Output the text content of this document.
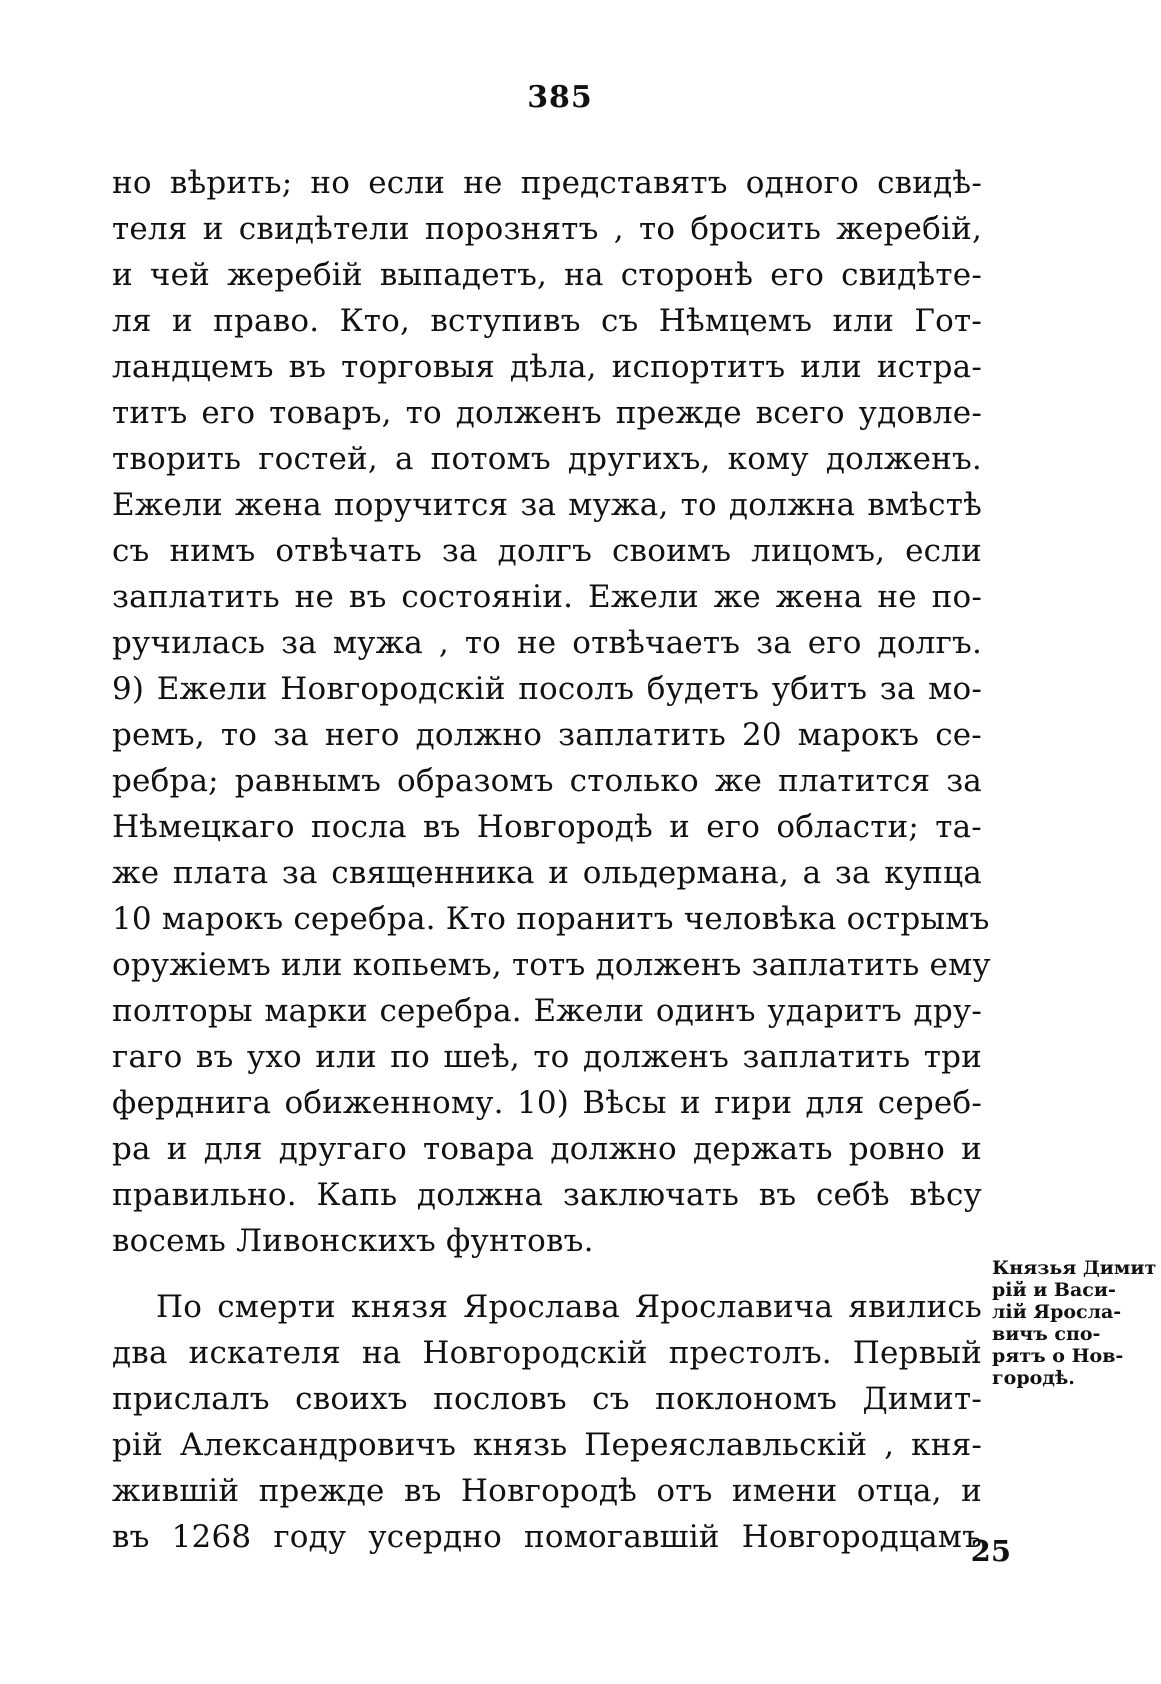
385
но вѣрить; но если не представятъ одного свидѣ-
теля и свидѣтели порознятъ , то бросить жеребій,
и чей жеребій выпадетъ, на сторонѣ его свидѣте-
ля и право. Кто, вступивъ съ Нѣмцемъ или Гот-
ландцемъ въ торговыя дѣла, испортитъ или истра-
титъ его товаръ, то долженъ прежде всего удовле-
творить гостей, а потомъ другихъ, кому долженъ.
Ежели жена поручится за мужа, то должна вмѣстѣ
съ нимъ отвѣчать за долгъ своимъ лицомъ, если
заплатить не въ состояніи. Ежели же жена не по-
ручилась за мужа , то не отвѣчаетъ за его долгъ.
9) Ежели Новгородскій посолъ будетъ убитъ за мо-
ремъ, то за него должно заплатить 20 марокъ се-
ребра; равнымъ образомъ столько же платится за
Нѣмецкаго посла въ Новгородѣ и его области; та-
же плата за священника и ольдермана, а за купца
10 марокъ серебра. Кто поранитъ человѣка острымъ
оружіемъ или копьемъ, тотъ долженъ заплатить ему
полторы марки серебра. Ежели одинъ ударитъ дру-
гаго въ ухо или по шеѣ, то долженъ заплатить три
ферднига обиженному. 10) Вѣсы и гири для сереб-
ра и для другаго товара должно держать ровно и
правильно. Капь должна заключать въ себѣ вѣсу
восемь Ливонскихъ фунтовъ.
По смерти князя Ярослава Ярославича явились
два искателя на Новгородскій престолъ. Первый
прислалъ своихъ пословъ съ поклономъ Димит-
рій Александровичъ князь Переяславльскій , кня-
жившій прежде въ Новгородѣ отъ имени отца, и
въ 1268 году усердно помогавшій Новгородцамъ
Князья Димит
рій и Васи-
лій Яросла-
вичъ спо-
рятъ о Нов-
городѣ.
25
